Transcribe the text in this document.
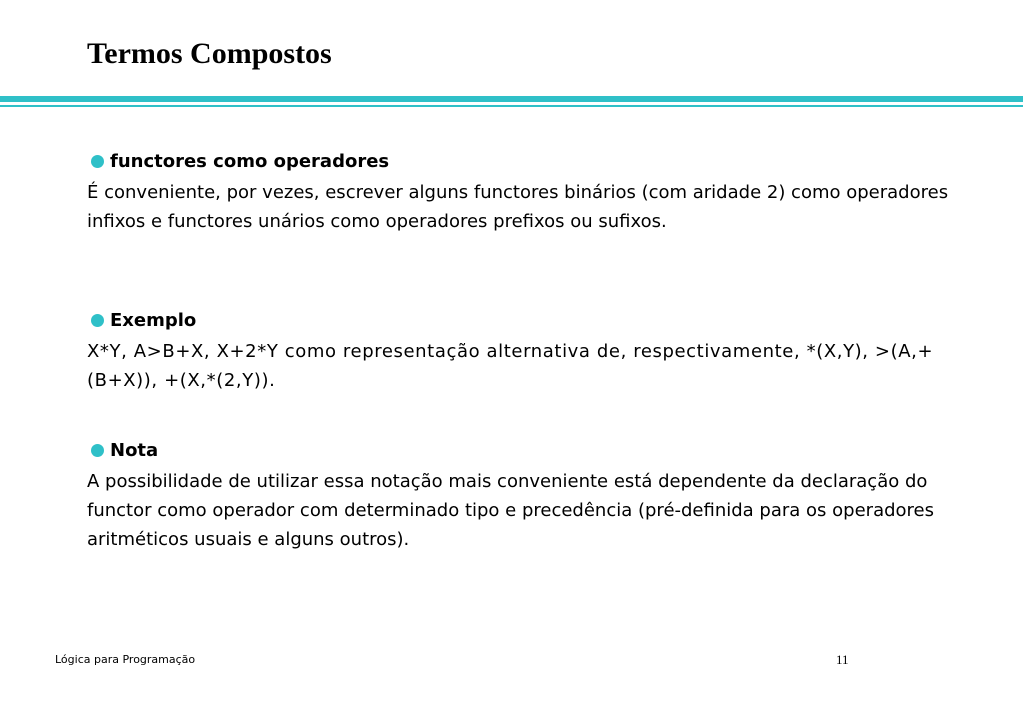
Termos Compostos
functores como operadores

É conveniente, por vezes, escrever alguns functores binários (com aridade 2) como operadores infixos e functores unários como operadores prefixos ou sufixos.

Exemplo

X*Y, A>B+X, X+2*Y como representação alternativa de, respectivamente, *(X,Y), >(A,+(B+X)), +(X,*(2,Y)).

Nota

A possibilidade de utilizar essa notação mais conveniente está dependente da declaração do functor como operador com determinado tipo e precedência (pré-definida para os operadores aritméticos usuais e alguns outros).

Lógica para Programação	11
